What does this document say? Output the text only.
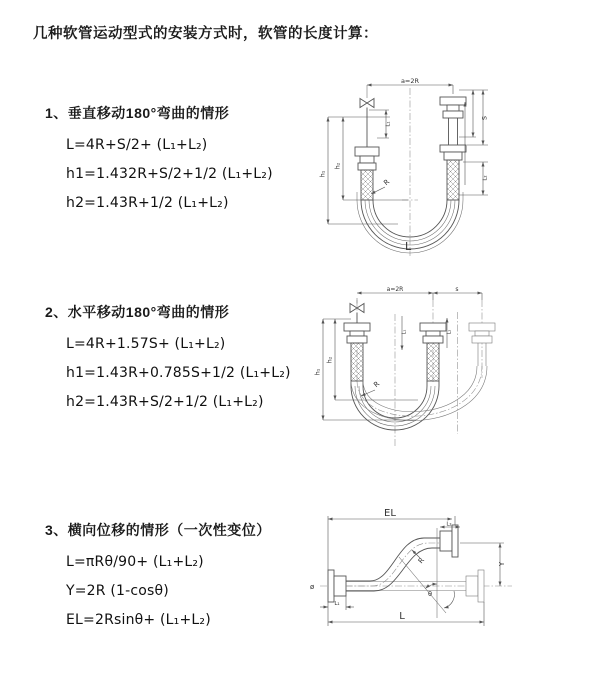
几种软管运动型式的安装方式时，软管的长度计算：
1、垂直移动180°弯曲的情形
L=4R+S/2+ (L₁+L₂)
h1=1.432R+S/2+1/2 (L₁+L₂)
h2=1.43R+1/2 (L₁+L₂)
2、水平移动180°弯曲的情形
L=4R+1.57S+ (L₁+L₂)
h1=1.43R+0.785S+1/2 (L₁+L₂)
h2=1.43R+S/2+1/2 (L₁+L₂)
3、横向位移的情形（一次性变位）
L=πRθ/90+ (L₁+L₂)
Y=2R (1-cosθ)
EL=2Rsinθ+ (L₁+L₂)
a=2R
h₁
h₂
L₁
S
L₂
R
L
a=2R	s
h₁
h₂
L₁	L₂
R
θ
R
EL
L₂
Y
L
L₁
ø
